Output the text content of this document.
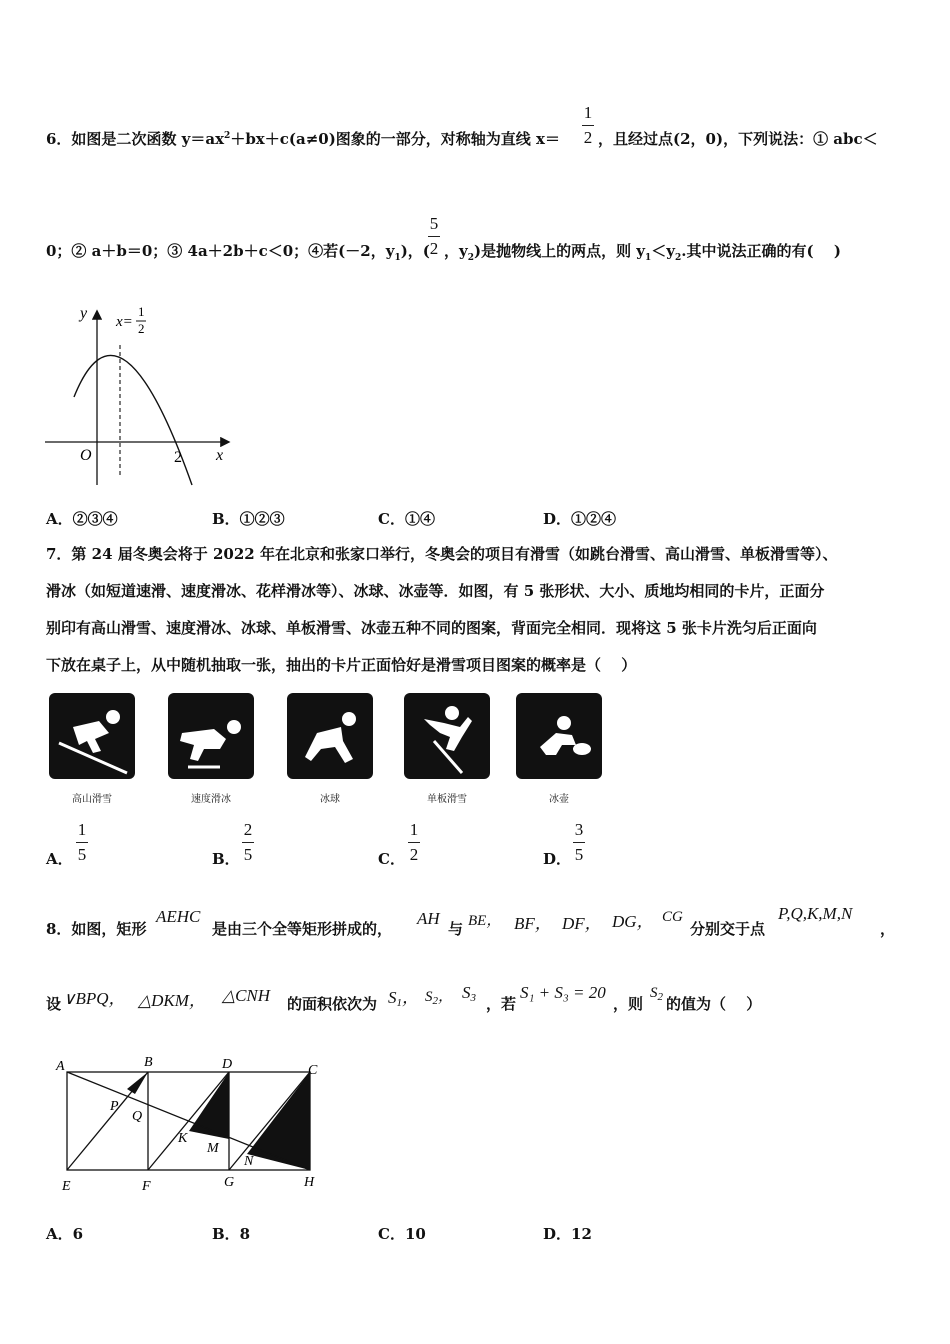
6．如图是二次函数 $y=ax^2+bx+c(a\ne 0)$图象的一部分，对称轴为直线 x＝
1
2 ，且经过点(2，0)，下列说法：① abc＜
0；② a＋b＝0；③ 4a＋2b＋c＜0；④若(－2，$y_1$)，(
5
2 ，$y_2$)是抛物线上的两点，则 $y_1<y_2$.其中说法正确的有(　 )
y
x
O	2
x=
1
2
A．②③④	B．①②③	C．①④	D．①②④
7．第 24 届冬奥会将于 2022 年在北京和张家口举行，冬奥会的项目有滑雪（如跳台滑雪、高山滑雪、单板滑雪等）、
滑冰（如短道速滑、速度滑冰、花样滑冰等）、冰球、冰壶等．如图，有 5 张形状、大小、质地均相同的卡片，正面分
别印有高山滑雪、速度滑冰、冰球、单板滑雪、冰壶五种不同的图案，背面完全相同．现将这 5 张卡片洗匀后正面向
下放在桌子上，从中随机抽取一张，抽出的卡片正面恰好是滑雪项目图案的概率是（　 ）
高山滑雪	速度滑冰	冰球	单板滑雪	冰壶
A．
1
5	B．
2
5	C．
1
2	D．
3
5
8．如图，矩形
AEHC
是由三个全等矩形拼成的，
AH
与 BE， BF， DF， DG， CG
分别交于点
P,Q,K,M,N
，
设 ∨BPQ， △DKM， △CNH 的面积依次为 $S_1$， $S_2$， $S_3$ ，若
S₁ + S₃ = 20
，则
$S_2$ 的值为（　 ）
A	B	D	C
P
Q
K
M
N
E	F	G	H
A．6	B．8	C．10	D．12
